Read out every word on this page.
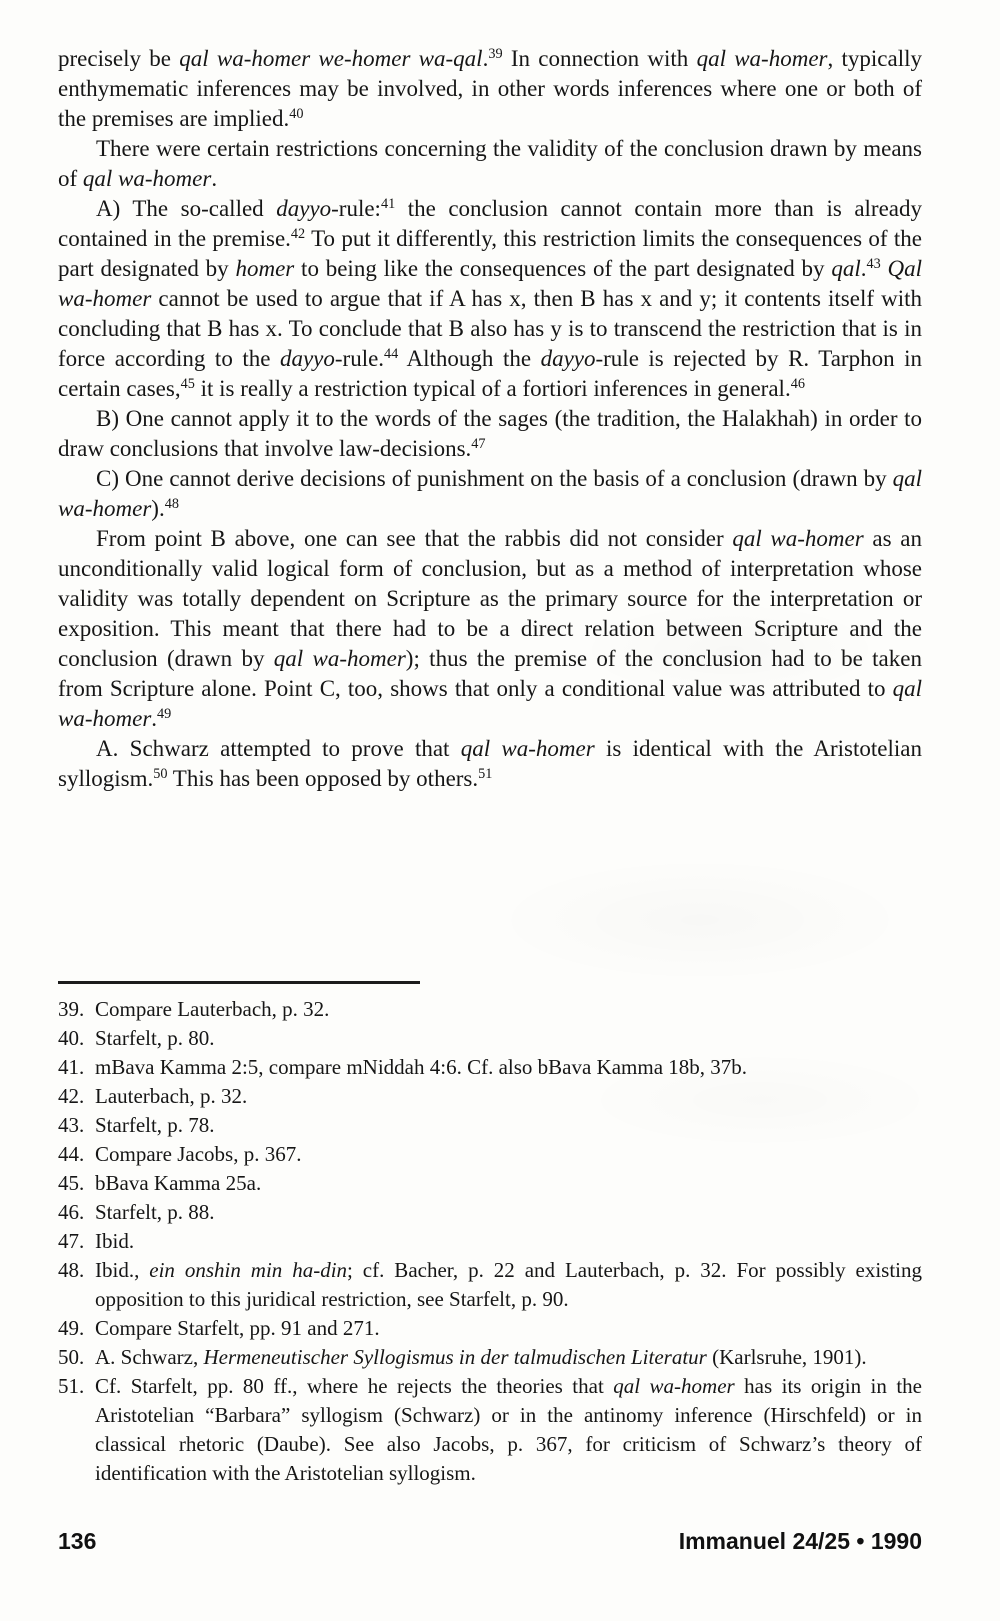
precisely be qal wa-homer we-homer wa-qal.$^{39}$ In connection with qal wa-homer, typically enthymematic inferences may be involved, in other words inferences where one or both of the premises are implied.$^{40}$

There were certain restrictions concerning the validity of the conclusion drawn by means of qal wa-homer.

A) The so-called dayyo-rule:$^{41}$ the conclusion cannot contain more than is already contained in the premise.$^{42}$ To put it differently, this restriction limits the consequences of the part designated by homer to being like the consequences of the part designated by qal.$^{43}$ Qal wa-homer cannot be used to argue that if A has x, then B has x and y; it contents itself with concluding that B has x. To conclude that B also has y is to transcend the restriction that is in force according to the dayyo-rule.$^{44}$ Although the dayyo-rule is rejected by R. Tarphon in certain cases,$^{45}$ it is really a restriction typical of a fortiori inferences in general.$^{46}$

B) One cannot apply it to the words of the sages (the tradition, the Halakhah) in order to draw conclusions that involve law-decisions.$^{47}$

C) One cannot derive decisions of punishment on the basis of a conclusion (drawn by qal wa-homer).$^{48}$

From point B above, one can see that the rabbis did not consider qal wa-homer as an unconditionally valid logical form of conclusion, but as a method of interpretation whose validity was totally dependent on Scripture as the primary source for the interpretation or exposition. This meant that there had to be a direct relation between Scripture and the conclusion (drawn by qal wa-homer); thus the premise of the conclusion had to be taken from Scripture alone. Point C, too, shows that only a conditional value was attributed to qal wa-homer.$^{49}$

A. Schwarz attempted to prove that qal wa-homer is identical with the Aristotelian syllogism.$^{50}$ This has been opposed by others.$^{51}$

39. Compare Lauterbach, p. 32.
40. Starfelt, p. 80.
41. mBava Kamma 2:5, compare mNiddah 4:6. Cf. also bBava Kamma 18b, 37b.
42. Lauterbach, p. 32.
43. Starfelt, p. 78.
44. Compare Jacobs, p. 367.
45. bBava Kamma 25a.
46. Starfelt, p. 88.
47. Ibid.
48. Ibid., ein onshin min ha-din; cf. Bacher, p. 22 and Lauterbach, p. 32. For possibly existing opposition to this juridical restriction, see Starfelt, p. 90.
49. Compare Starfelt, pp. 91 and 271.
50. A. Schwarz, Hermeneutischer Syllogismus in der talmudischen Literatur (Karlsruhe, 1901).
51. Cf. Starfelt, pp. 80 ff., where he rejects the theories that qal wa-homer has its origin in the Aristotelian “Barbara” syllogism (Schwarz) or in the antinomy inference (Hirschfeld) or in classical rhetoric (Daube). See also Jacobs, p. 367, for criticism of Schwarz’s theory of identification with the Aristotelian syllogism.
136	Immanuel 24/25 • 1990
